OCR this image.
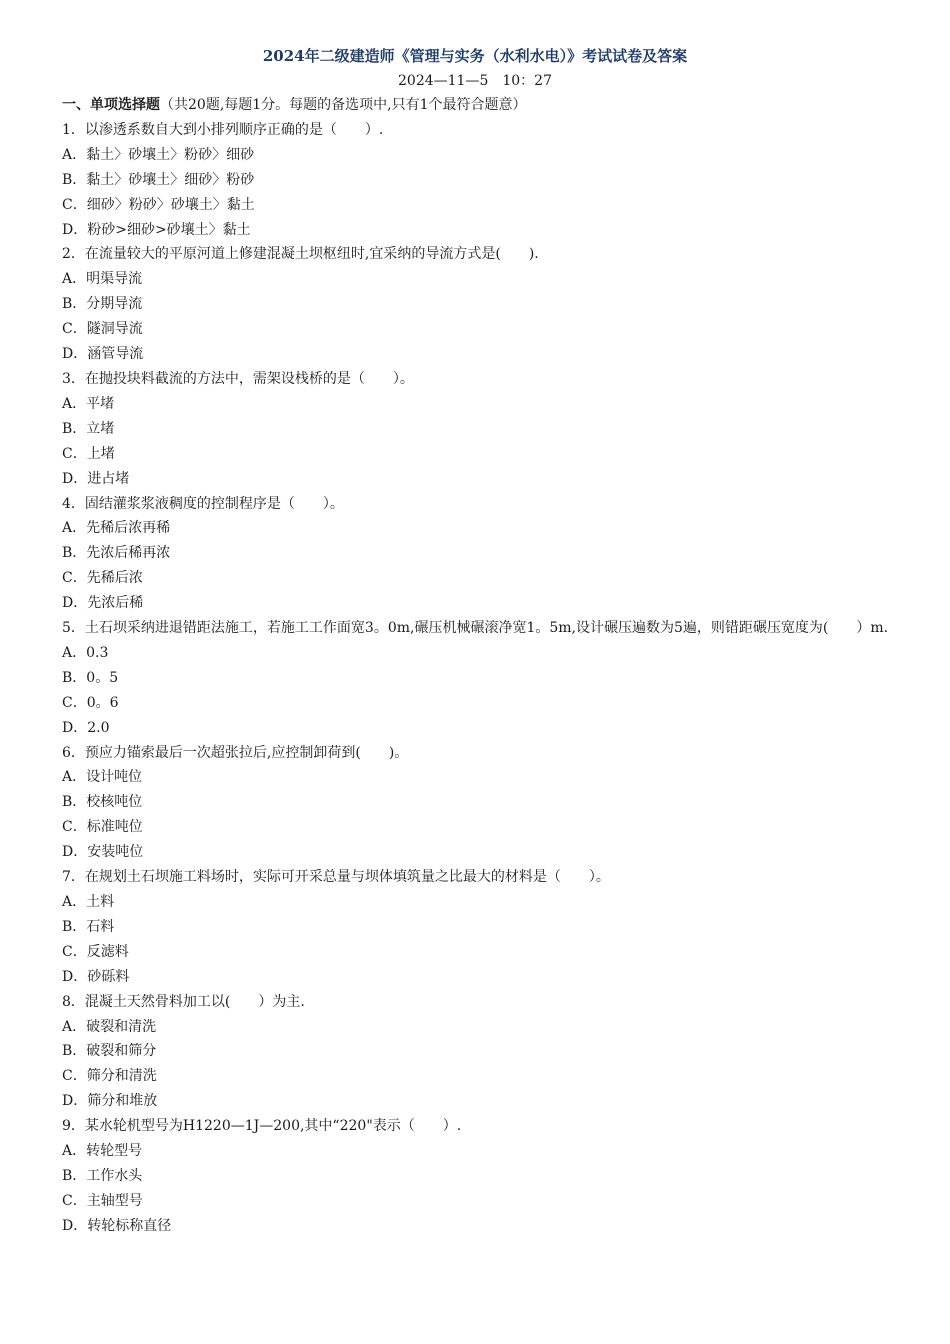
2024年二级建造师《管理与实务（水利水电）》考试试卷及答案
2024—11—5　10：27
一、单项选择题（共20题,每题1分。每题的备选项中,只有1个最符合题意）
1．以渗透系数自大到小排列顺序正确的是（　　）.
A．黏土〉砂壤土〉粉砂〉细砂
B．黏土〉砂壤土〉细砂〉粉砂
C．细砂〉粉砂〉砂壤土〉黏土
D．粉砂>细砂>砂壤土〉黏土
2．在流量较大的平原河道上修建混凝土坝枢纽时,宜采纳的导流方式是(　　).
A．明渠导流
B．分期导流
C．隧洞导流
D．涵管导流
3．在抛投块料截流的方法中，需架设栈桥的是（　　）。
A．平堵
B．立堵
C．上堵
D．进占堵
4．固结灌浆浆液稠度的控制程序是（　　）。
A．先稀后浓再稀
B．先浓后稀再浓
C．先稀后浓
D．先浓后稀
5．土石坝采纳进退错距法施工，若施工工作面宽3。0m,碾压机械碾滚净宽1。5m,设计碾压遍数为5遍，则错距碾压宽度为(　　）m.
A．0.3
B．0。5
C．0。6
D．2.0
6．预应力锚索最后一次超张拉后,应控制卸荷到(　　)。
A．设计吨位
B．校核吨位
C．标准吨位
D．安装吨位
7．在规划土石坝施工料场时，实际可开采总量与坝体填筑量之比最大的材料是（　　）。
A．土料
B．石料
C．反滤料
D．砂砾料
8．混凝土天然骨料加工以(　　）为主.
A．破裂和清洗
B．破裂和筛分
C．筛分和清洗
D．筛分和堆放
9．某水轮机型号为H1220—1J—200,其中“220"表示（　　）.
A．转轮型号
B．工作水头
C．主轴型号
D．转轮标称直径
